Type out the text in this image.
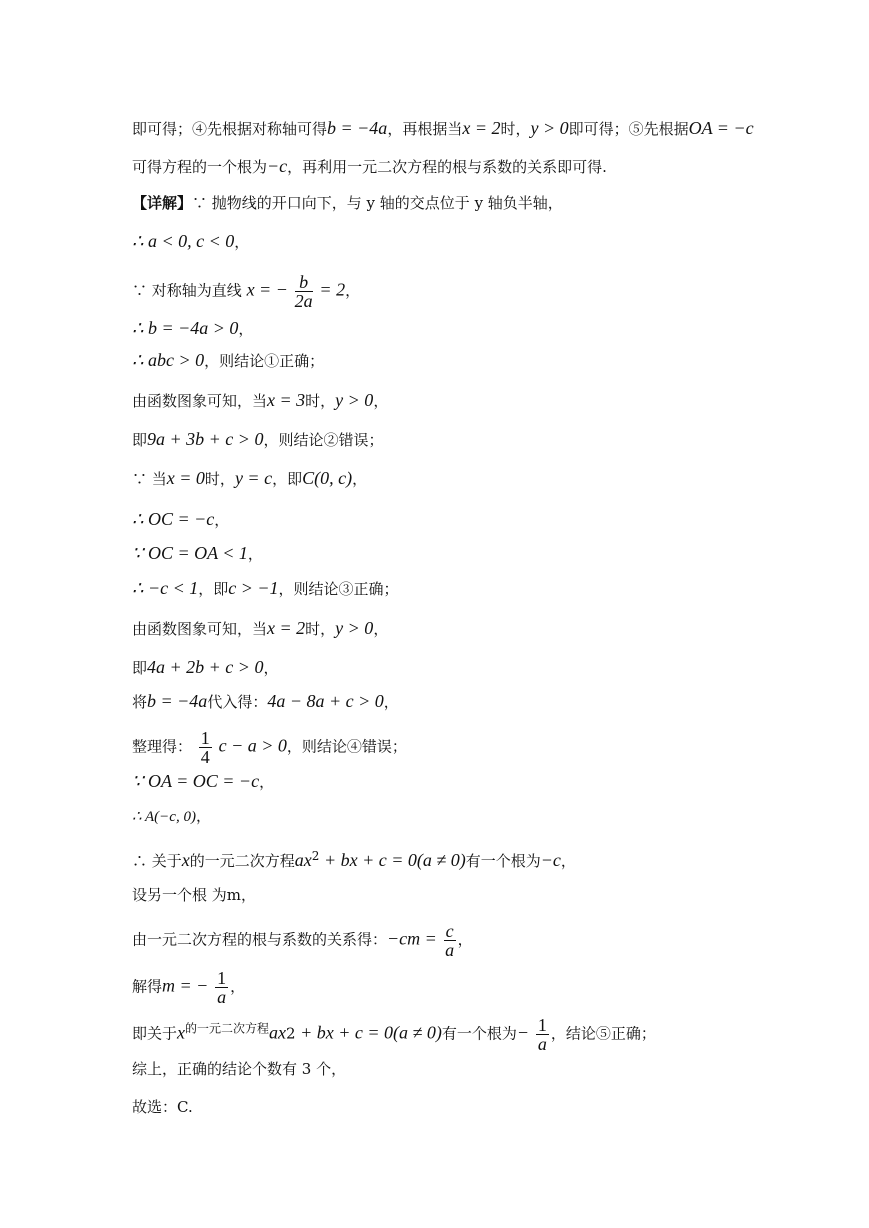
即可得；④先根据对称轴可得b = −4a，再根据当x = 2时，y > 0即可得；⑤先根据OA = −c
可得方程的一个根为−c，再利用一元二次方程的根与系数的关系即可得.
【详解】∵ 抛物线的开口向下，与 y 轴的交点位于 y 轴负半轴，
∴ a < 0, c < 0，
∵ 对称轴为直线 x = − $\frac{b}{2a} = 2$，
∴ b = −4a > 0，
∴ abc > 0，则结论①正确；
由函数图象可知，当x = 3时，y > 0，
即9a + 3b + c > 0，则结论②错误；
∵ 当x = 0时，y = c，即C(0, c)，
∴ OC = −c，
∵ OC = OA < 1，
∴ −c < 1，即c > −1，则结论③正确；
由函数图象可知，当x = 2时，y > 0，
即4a + 2b + c > 0，
将b = −4a代入得：4a − 8a + c > 0，
整理得： $\frac{1}{4}$ c − a > 0，则结论④错误；
∵ OA = OC = −c，
∴ A(−c, 0)，
∴ 关于x的一元二次方程$ax^2$ + bx + c = 0(a ≠ 0)有一个根为−c，
设另一个根 为m，
由一元二次方程的根与系数的关系得：$-cm = \frac{c}{a}$ ，
解得m = − $\frac{1}{a}$ ，
即关于$x^{的一元二次方程}ax2$ + bx + c = 0(a ≠ 0)有一个根为− $\frac{1}{a}$ ，结论⑤正确；
综上，正确的结论个数有 3 个，
故选：C.
